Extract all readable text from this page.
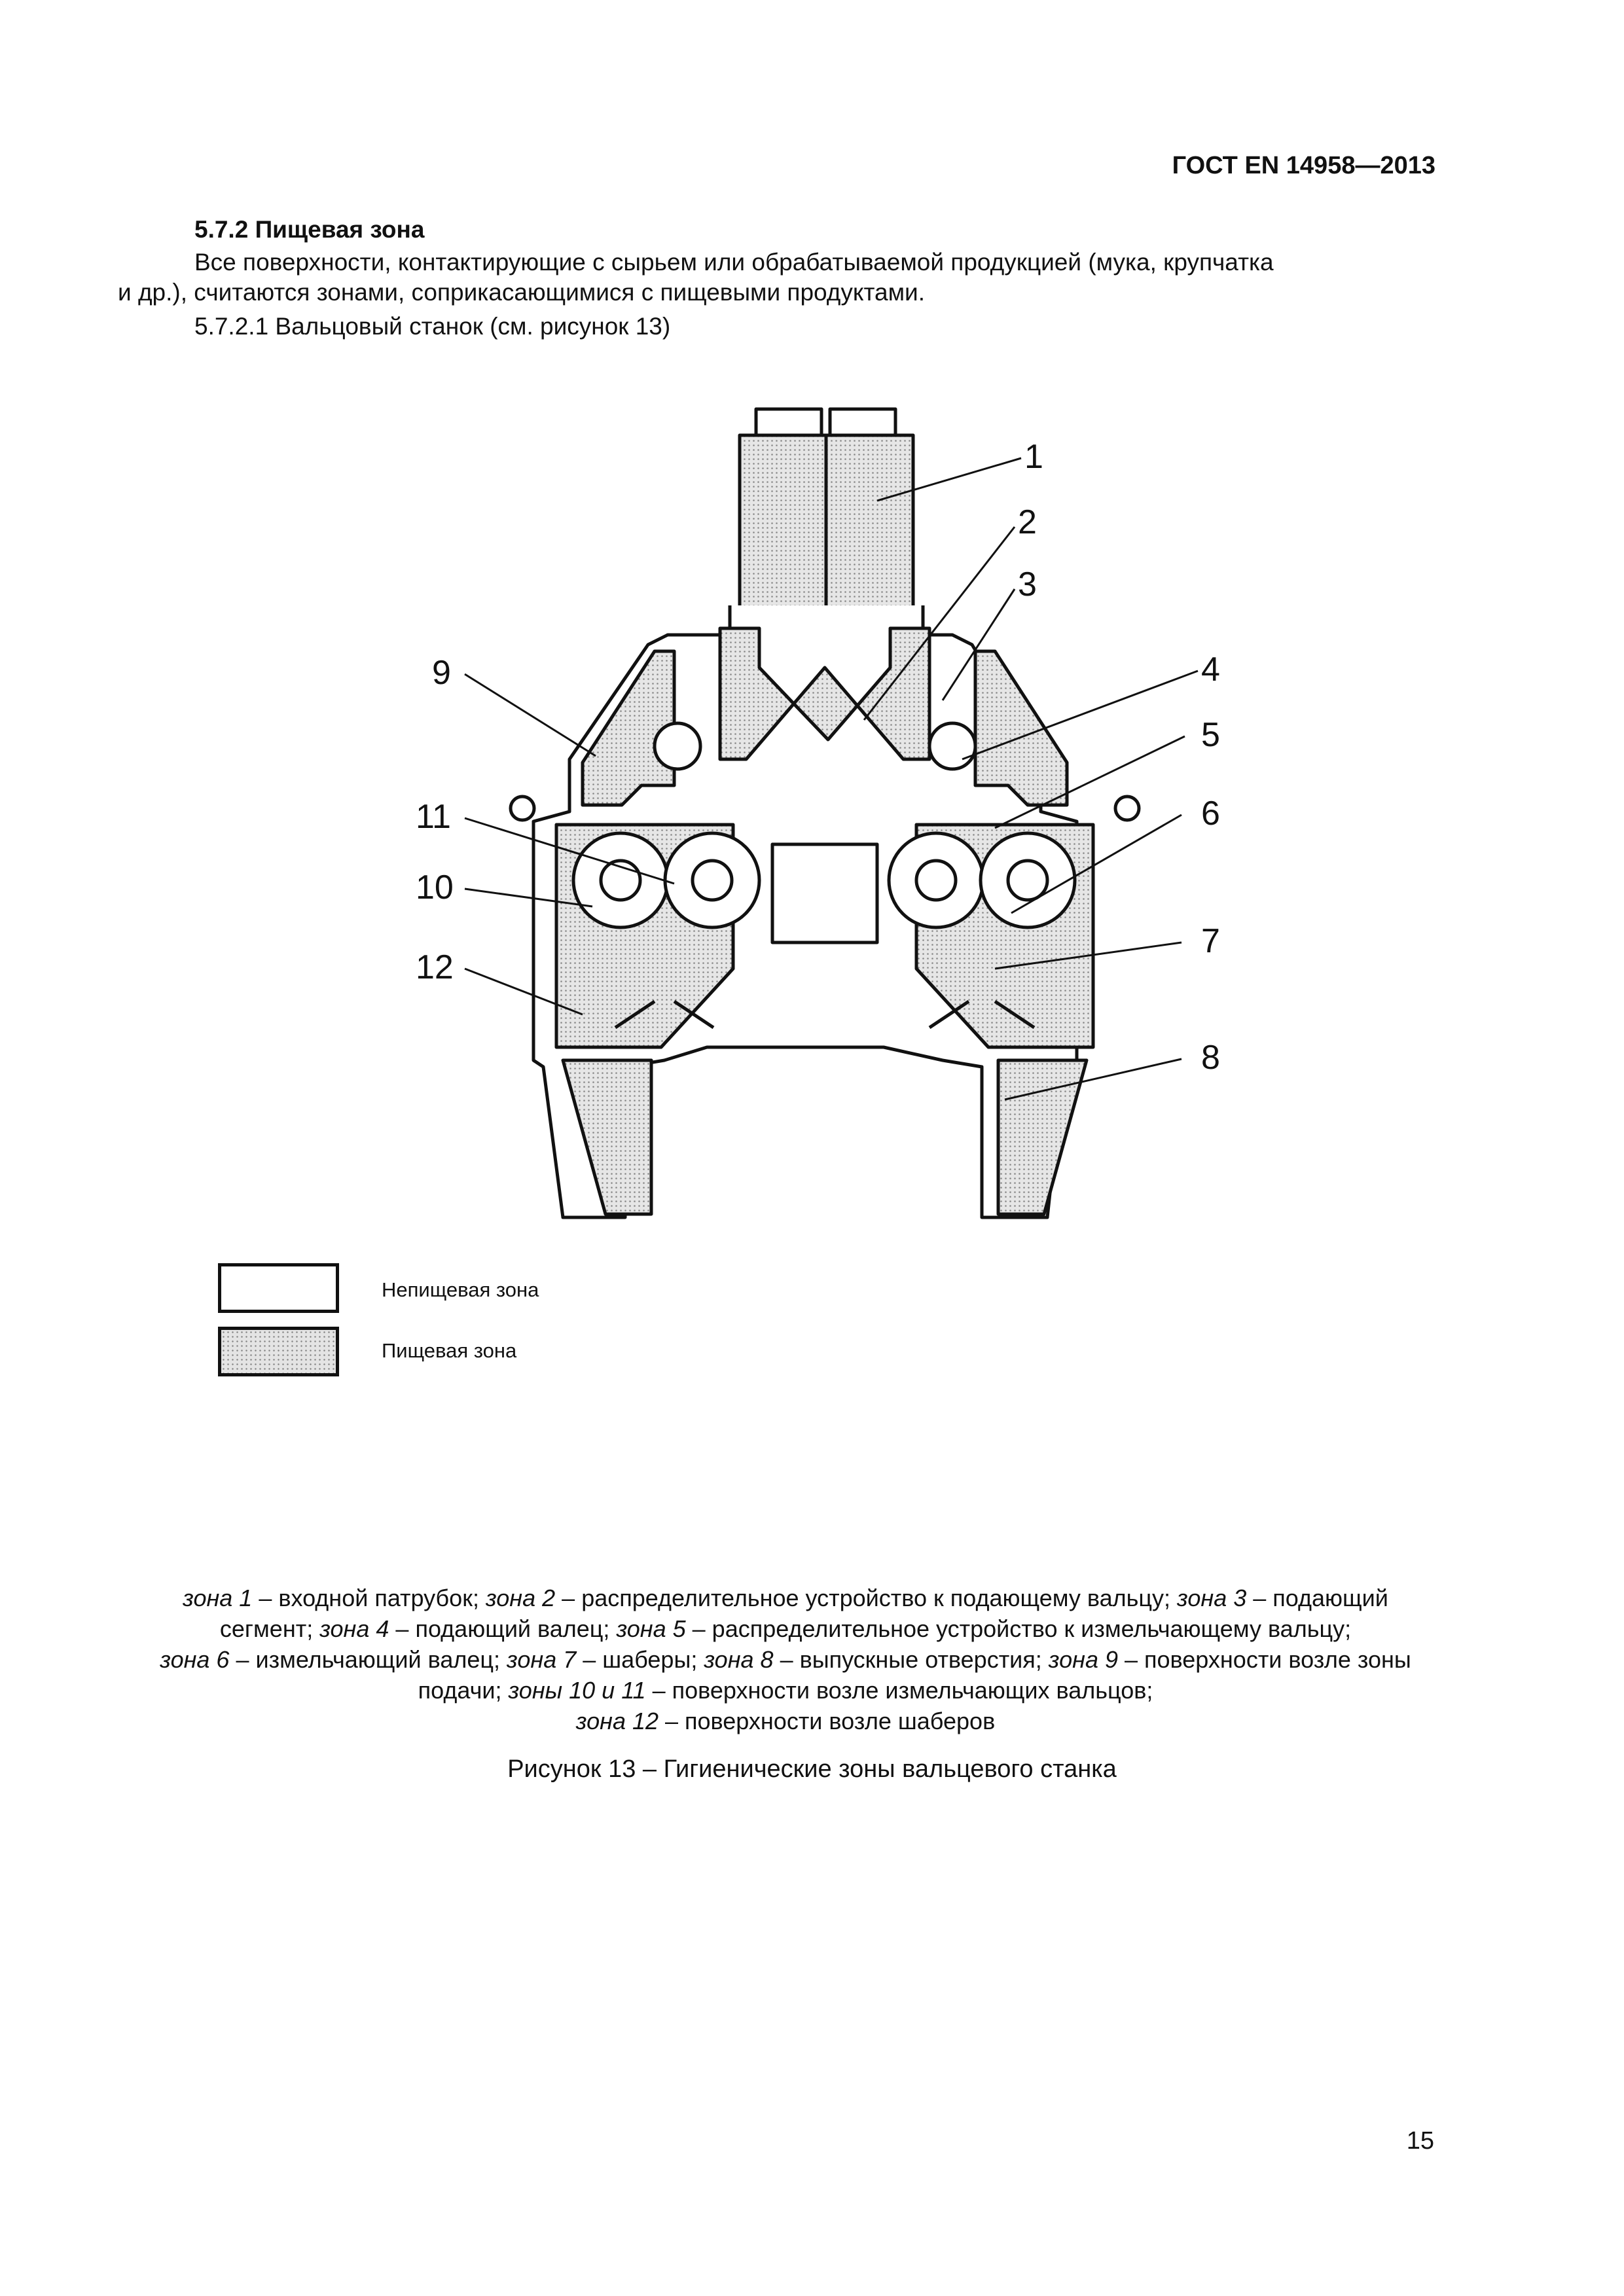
ГОСТ EN 14958—2013
5.7.2 Пищевая зона
Все поверхности, контактирующие с сырьем или обрабатываемой продукцией (мука, крупчатка
и др.), считаются зонами, соприкасающимися с пищевыми продуктами.
5.7.2.1 Вальцовый станок (см. рисунок 13)
1
2
3
4
5
6
7
8
9
11
10
12
Непищевая зона
Пищевая зона
зона 1 – входной патрубок; зона 2 – распределительное устройство к подающему вальцу; зона 3 – подающий
сегмент; зона 4 – подающий валец; зона 5 – распределительное устройство к измельчающему вальцу;
зона 6 – измельчающий валец; зона 7 – шаберы; зона 8 – выпускные отверстия; зона 9 – поверхности возле зоны
подачи; зоны 10 и 11 – поверхности возле измельчающих вальцов;
зона 12 – поверхности возле шаберов
Рисунок 13 – Гигиенические зоны вальцевого станка
15
